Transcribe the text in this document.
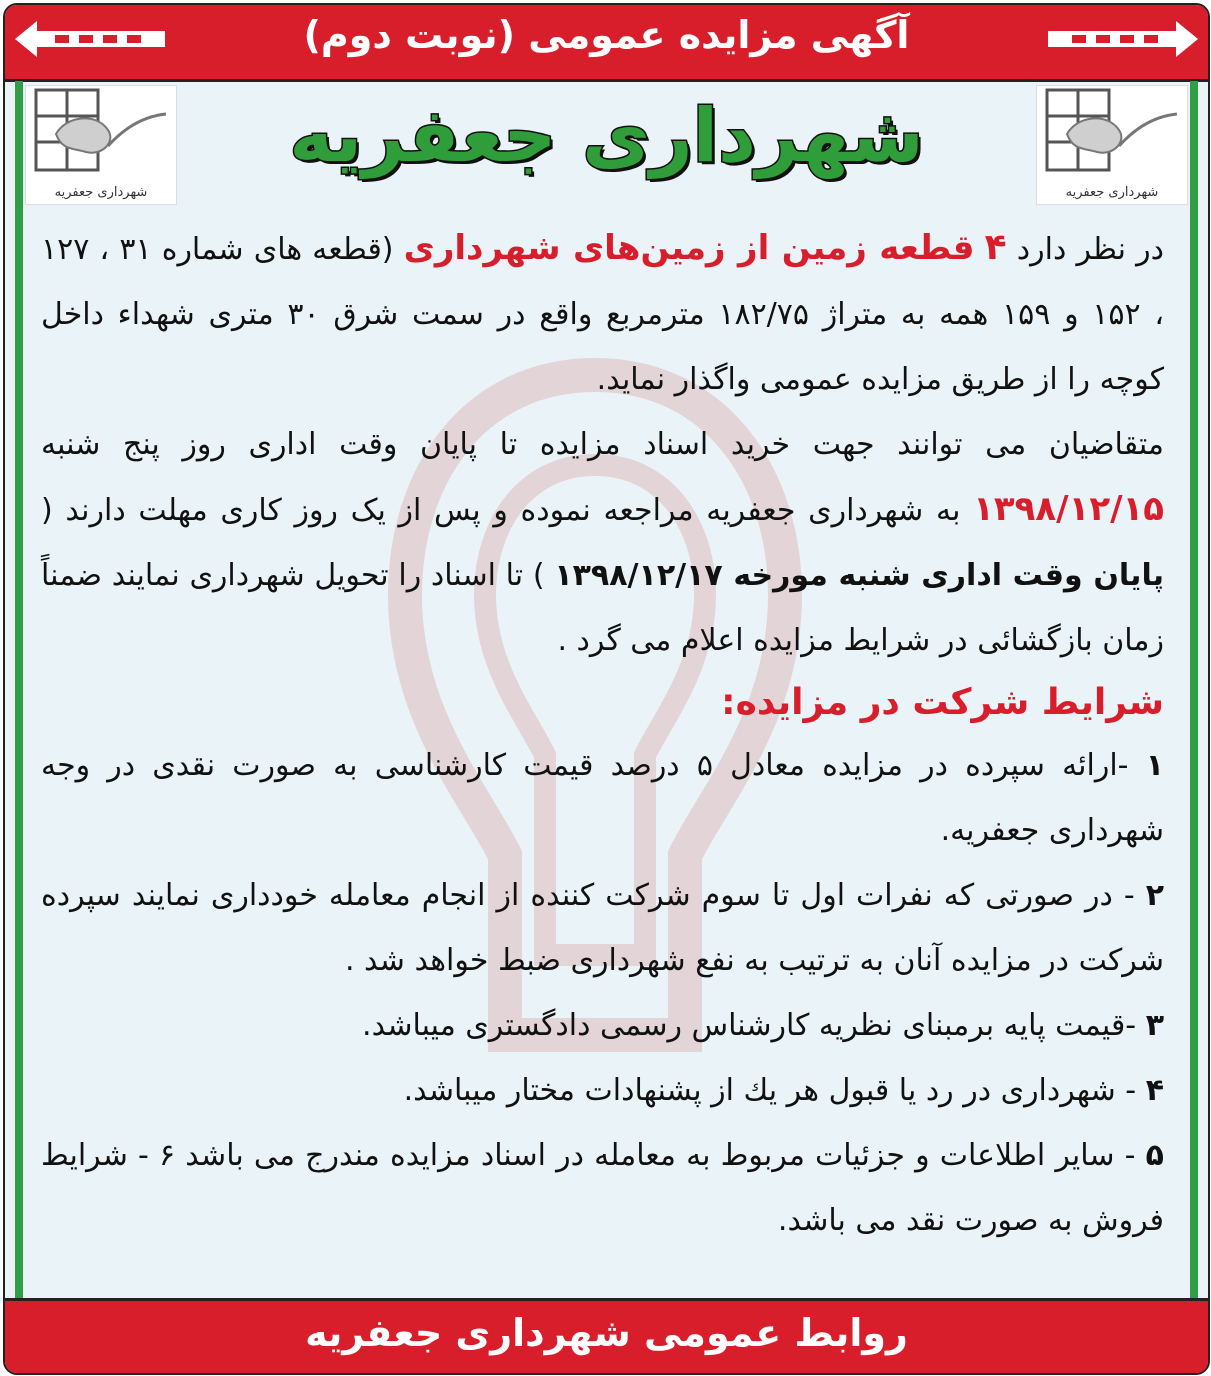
آگهی مزایده عمومی (نوبت دوم)
شهرداری جعفریه	شهرداری جعفریه
شهرداری جعفریه

در نظر دارد ۴ قطعه زمین از زمین‌های شهرداری (قطعه های شماره ۳۱ ، ۱۲۷ ، ۱۵۲ و ۱۵۹ همه به متراژ ۱۸۲/۷۵ مترمربع واقع در سمت شرق ۳۰ متری شهداء داخل کوچه را از طریق مزایده عمومی واگذار نماید.

متقاضیان می توانند جهت خرید اسناد مزایده تا پایان وقت اداری روز پنج شنبه ۱۳۹۸/۱۲/۱۵ به شهرداری جعفریه مراجعه نموده و پس از یک روز کاری مهلت دارند ( پایان وقت اداری شنبه مورخه ۱۳۹۸/۱۲/۱۷ ) تا اسناد را تحویل شهرداری نمایند ضمناً زمان بازگشائی در شرایط مزایده اعلام می گرد .

شرایط شرکت در مزایده:

۱ -ارائه سپرده در مزایده معادل ۵ درصد قیمت کارشناسی به صورت نقدی در وجه شهرداری جعفریه.

۲ - در صورتی که نفرات اول تا سوم شرکت کننده از انجام معامله خودداری نمایند سپرده شرکت در مزایده آنان به ترتیب به نفع شهرداری ضبط خواهد شد .

۳ -قیمت پایه برمبنای نظریه کارشناس رسمی دادگستری میباشد.

۴ - شهرداری در رد یا قبول هر يك از پشنهادات مختار میباشد.

۵ - سایر اطلاعات و جزئیات مربوط به معامله در اسناد مزایده مندرج می باشد ۶ - شرایط فروش به صورت نقد می باشد.

روابط عمومی شهرداری جعفریه
